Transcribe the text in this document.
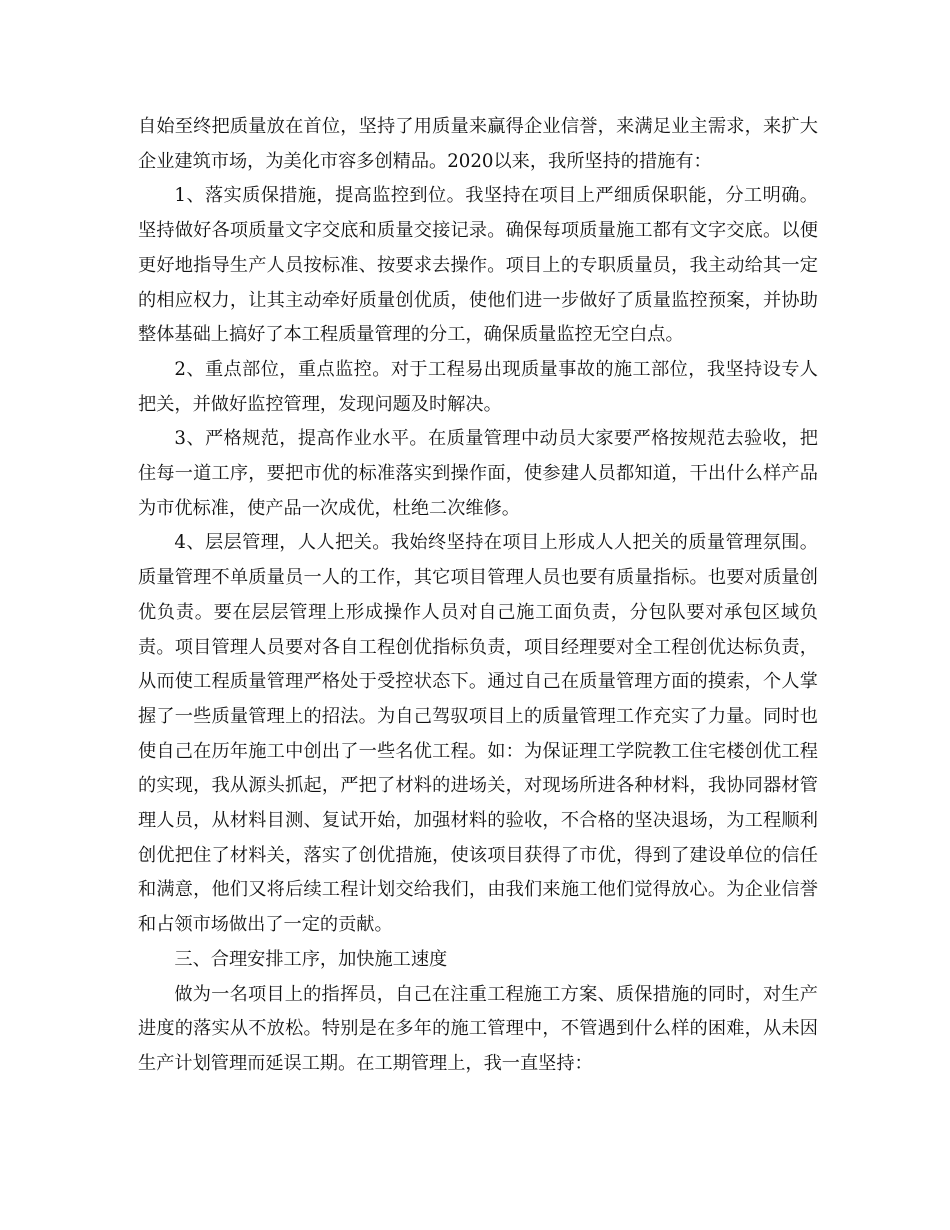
自始至终把质量放在首位，坚持了用质量来赢得企业信誉，来满足业主需求，来扩大企业建筑市场，为美化市容多创精品。2020以来，我所坚持的措施有：

1、落实质保措施，提高监控到位。我坚持在项目上严细质保职能，分工明确。坚持做好各项质量文字交底和质量交接记录。确保每项质量施工都有文字交底。以便更好地指导生产人员按标准、按要求去操作。项目上的专职质量员，我主动给其一定的相应权力，让其主动牵好质量创优质，使他们进一步做好了质量监控预案，并协助整体基础上搞好了本工程质量管理的分工，确保质量监控无空白点。

2、重点部位，重点监控。对于工程易出现质量事故的施工部位，我坚持设专人把关，并做好监控管理，发现问题及时解决。

3、严格规范，提高作业水平。在质量管理中动员大家要严格按规范去验收，把住每一道工序，要把市优的标准落实到操作面，使参建人员都知道，干出什么样产品为市优标准，使产品一次成优，杜绝二次维修。

4、层层管理，人人把关。我始终坚持在项目上形成人人把关的质量管理氛围。质量管理不单质量员一人的工作，其它项目管理人员也要有质量指标。也要对质量创优负责。要在层层管理上形成操作人员对自己施工面负责，分包队要对承包区域负责。项目管理人员要对各自工程创优指标负责，项目经理要对全工程创优达标负责，从而使工程质量管理严格处于受控状态下。通过自己在质量管理方面的摸索，个人掌握了一些质量管理上的招法。为自己驾驭项目上的质量管理工作充实了力量。同时也使自己在历年施工中创出了一些名优工程。如：为保证理工学院教工住宅楼创优工程的实现，我从源头抓起，严把了材料的进场关，对现场所进各种材料，我协同器材管理人员，从材料目测、复试开始，加强材料的验收，不合格的坚决退场，为工程顺利创优把住了材料关，落实了创优措施，使该项目获得了市优，得到了建设单位的信任和满意，他们又将后续工程计划交给我们，由我们来施工他们觉得放心。为企业信誉和占领市场做出了一定的贡献。

三、合理安排工序，加快施工速度

做为一名项目上的指挥员，自己在注重工程施工方案、质保措施的同时，对生产进度的落实从不放松。特别是在多年的施工管理中，不管遇到什么样的困难，从未因生产计划管理而延误工期。在工期管理上，我一直坚持：
